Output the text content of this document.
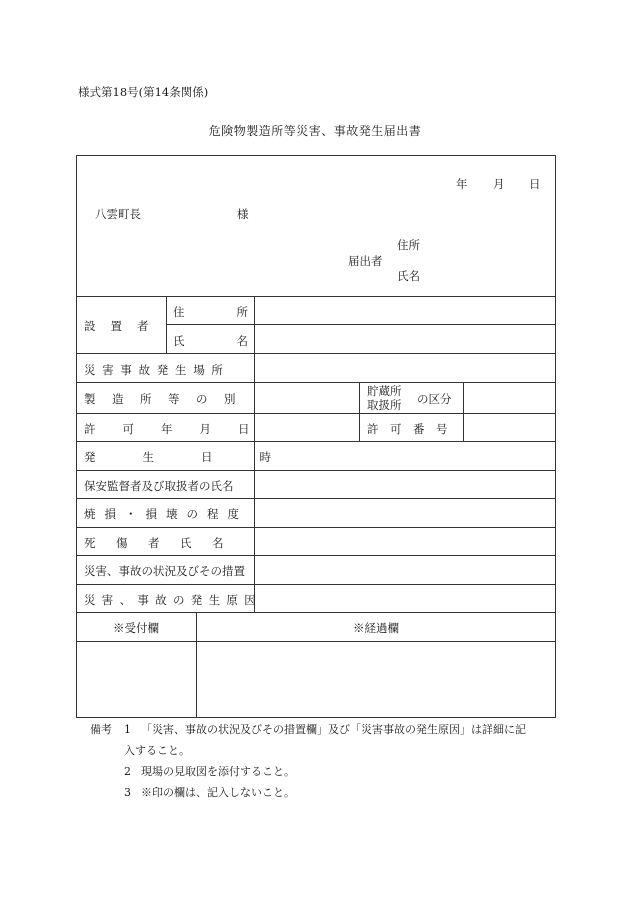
様式第18号(第14条関係)
危険物製造所等災害、事故発生届出書
年 月 日
八雲町長	様
住所
届出者
氏名
設置者
住所
氏名
災害事故発生場所
製造所等の別
許可年月日
発生日時
保安監督者及び取扱者の氏名
焼損・損壊の程度
死傷者氏名
災害、事故の状況及びその措置
災害、事故の発生原因
貯蔵所
取扱所 の区分
許可番号
※受付欄	※経過欄
備考 1 「災害、事故の状況及びその措置欄」及び「災害事故の発生原因」は詳細に記
入すること。
2 現場の見取図を添付すること。
3 ※印の欄は、記入しないこと。
